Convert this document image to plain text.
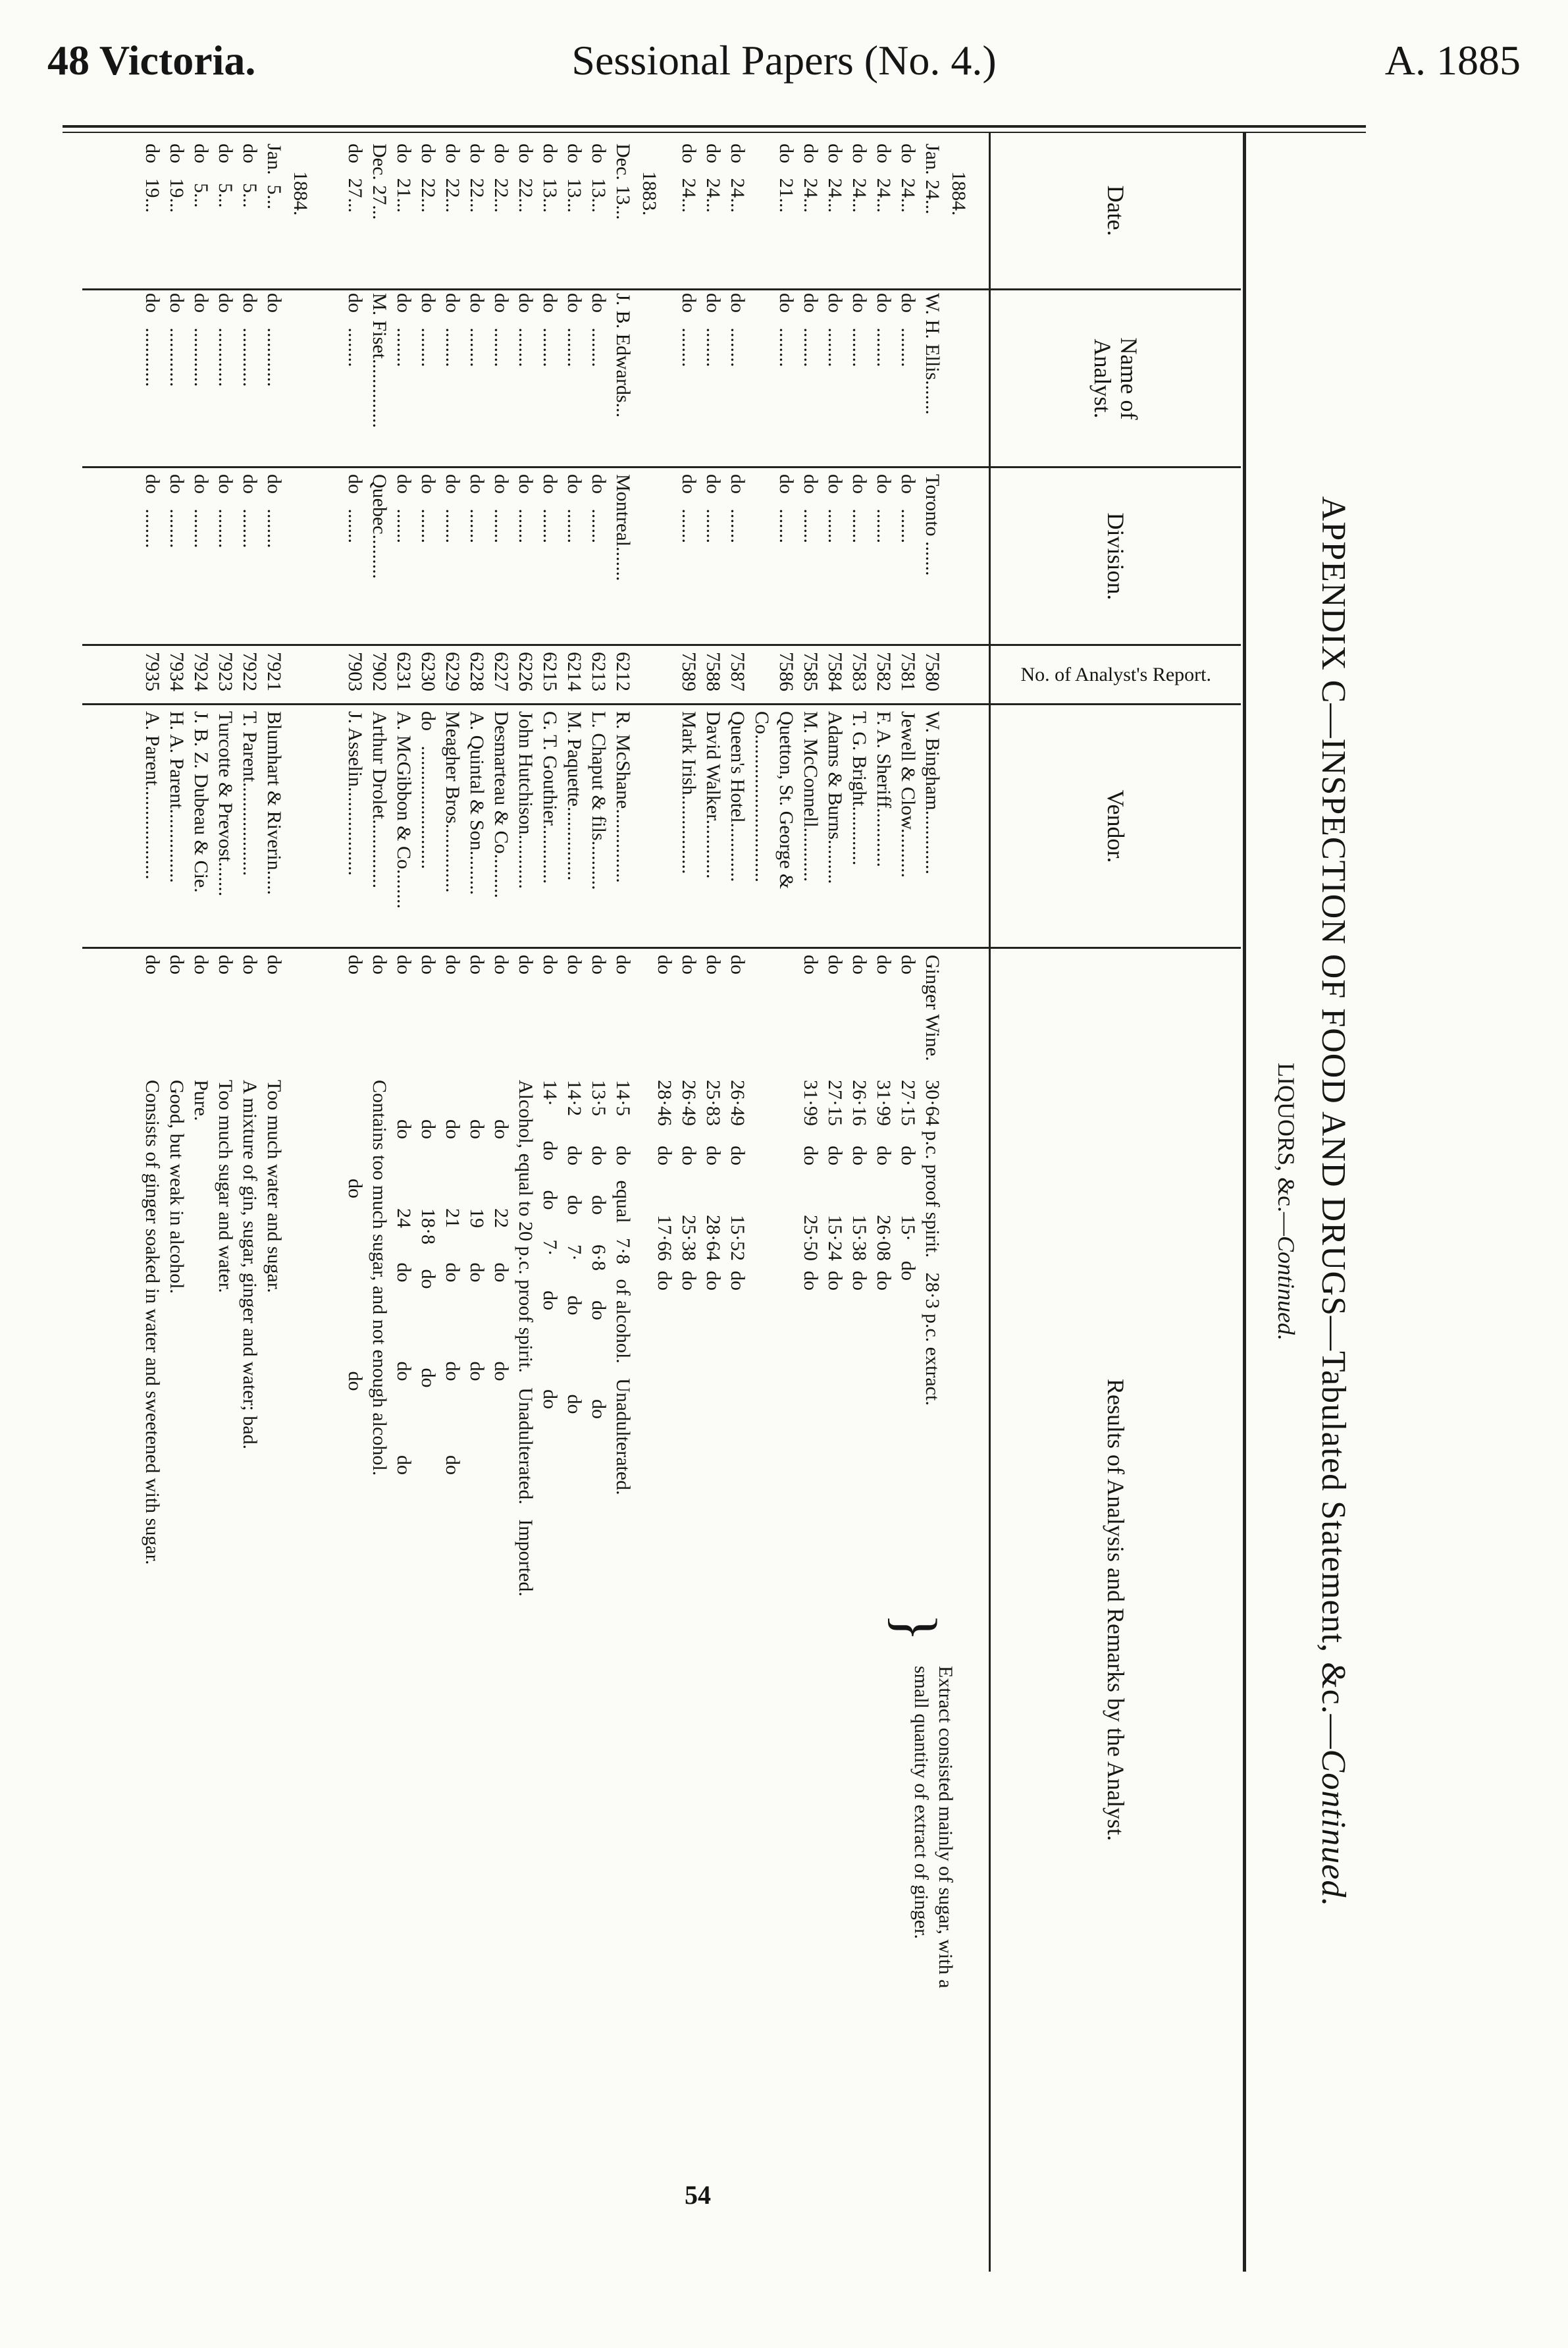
48 Victoria.	Sessional Papers (No. 4.)	A. 1885
APPENDIX C—INSPECTION OF FOOD AND DRUGS—Tabulated Statement, &c.—Continued.
LIQUORS, &c.—Continued.
Date.
Name of Analyst.
Division.
No. of Analyst's Report.
Vendor.
Results of Analysis and Remarks by the Analyst.
1884.
1883.
1884.
}
Extract consisted mainly of sugar, with a small quantity of extract of ginger.
Jan. 24...
W. H. Ellis.......
Toronto .......
7580
W. Bingham.............
Ginger Wine.
30·64 p.c. proof spirit.   28·3 p.c. extract.
do   24...
do   ........
do   .......
7581
Jewell & Clow..........
do
27·15    do          15·    do
do   24...
do   ........
do   .......
7582
F. A. Sheriff............
do
31·99    do          26·08  do
do   24...
do   ........
do   .......
7583
T. G. Bright............
do
26·16    do          15·38  do
do   24...
do   ........
do   .......
7584
Adams & Burns.........
do
27·15    do          15·24  do
do   24...
do   ........
do   .......
7585
M. McConnell...........
do
31·99    do          25·50  do
do   21...
do   ........
do   .......
7586
Quetton, St. George &
Co..............................
do   24...
do   ........
do   .......
7587
Queen's Hotel............
do
26·49    do          15·52  do
do   24...
do   ........
do   .......
7588
David Walker............
do
25·83    do          28·64  do
do   24...
do   ........
do   .......
7589
Mark Irish................
do
26·49    do          25·38  do
do
28·46    do          17·66  do
Dec. 13...
J. B. Edwards...
Montreal.......
6212
R. McShane...............
do
14·5      do   equal   7·8   of alcohol.   Unadulterated.
do   13...
do   ........
do   .......
6213
L. Chaput & fils..........
do
13·5      do      do      6·8      do                do
do   13...
do   ........
do   .......
6214
M. Paquette...............
do
14·2      do      do      7·       do                do
do   13...
do   ........
do   .......
6215
G. T. Gouthier............
do
14·       do      do      7·       do                do
do   22...
do   ........
do   .......
6226
John Hutchison...........
do
Alcohol, equal to 20 p.c. proof spirit.   Unadulterated.   Imported.
do   22...
do   ........
do   .......
6227
Desmarteau & Co.........
do
do              22       do                do
do   22...
do   ........
do   .......
6228
A. Quintal & Son.........
do
do              19       do                do
do   22...
do   ........
do   .......
6229
Meagher Bros..............
do
do              21       do                do               do
do   22...
do   ........
do   .......
6230
do   .........................
do
do              18·8     do                do
do   21...
do   ........
do   .......
6231
A. McGibbon & Co........
do
do              24       do                do               do
Dec. 27...
M. Fiset..............
Quebec.........
7902
Arthur Drolet..............
do
Contains too much sugar, and not enough alcohol.
do   27...
do   ........
do   .......
7903
J. Asselin..................
do
do                                   do
Jan.  5...
do   ............
do   ........
7921
Blumhart & Riverin.....
do
Too much water and sugar.
do    5...
do   ............
do   ........
7922
T. Parent...................
do
A mixture of gin, sugar, ginger and water; bad.
do    5...
do   ............
do   ........
7923
Turcotte & Prevost.......
do
Too much sugar and water.
do    5...
do   ............
do   ........
7924
J. B. Z. Dubeau & Cie.
do
Pure.
do   19...
do   ............
do   ........
7934
H. A. Parent...............
do
Good, but weak in alcohol.
do   19...
do   ............
do   ........
7935
A. Parent...................
do
Consists of ginger soaked in water and sweetened with sugar.
54
